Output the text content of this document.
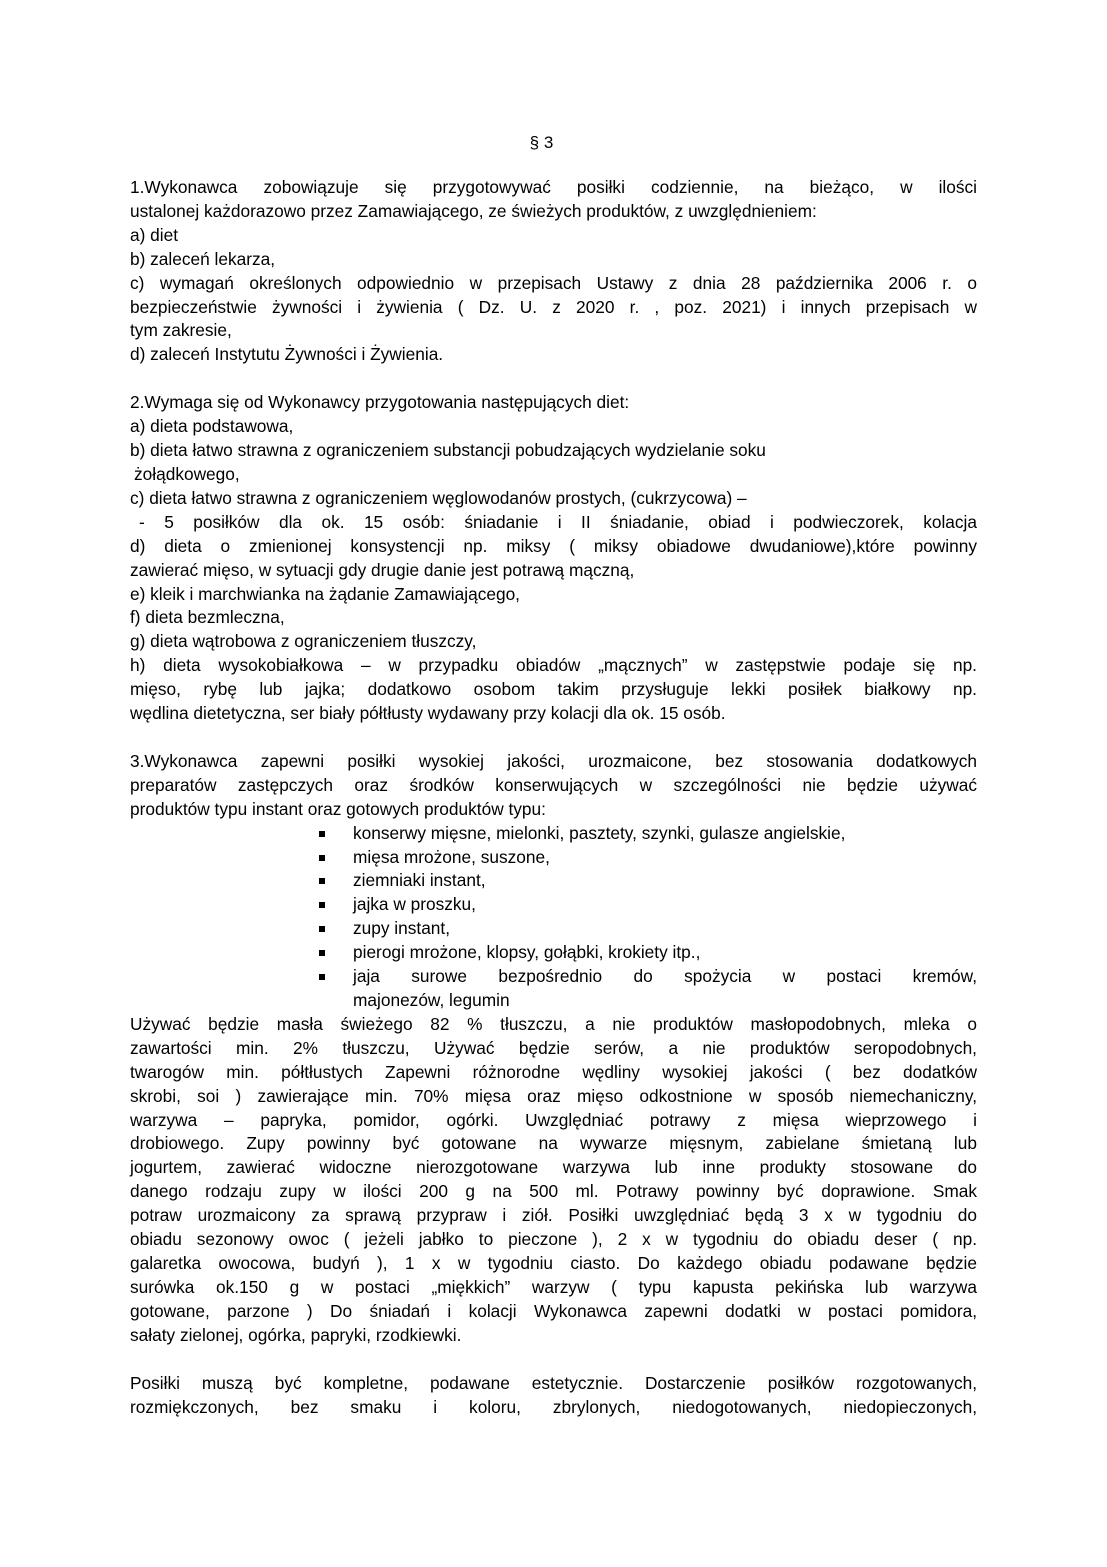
§ 3
1.Wykonawca zobowiązuje się przygotowywać posiłki codziennie, na bieżąco, w ilości
ustalonej każdorazowo przez Zamawiającego, ze świeżych produktów, z uwzględnieniem:
a) diet
b) zaleceń lekarza,
c) wymagań określonych odpowiednio w przepisach Ustawy z dnia 28 października 2006 r. o
bezpieczeństwie żywności i żywienia ( Dz. U. z 2020 r. , poz. 2021) i innych przepisach w
tym zakresie,
d) zaleceń Instytutu Żywności i Żywienia.
2.Wymaga się od Wykonawcy przygotowania następujących diet:
a) dieta podstawowa,
b) dieta łatwo strawna z ograniczeniem substancji pobudzających wydzielanie soku
żołądkowego,
c) dieta łatwo strawna z ograniczeniem węglowodanów prostych, (cukrzycowa) –
- 5 posiłków dla ok. 15 osób: śniadanie i II śniadanie, obiad i podwieczorek, kolacja
d) dieta o zmienionej konsystencji np. miksy ( miksy obiadowe dwudaniowe),które powinny
zawierać mięso, w sytuacji gdy drugie danie jest potrawą mączną,
e) kleik i marchwianka na żądanie Zamawiającego,
f) dieta bezmleczna,
g) dieta wątrobowa z ograniczeniem tłuszczy,
h) dieta wysokobiałkowa – w przypadku obiadów „mącznych” w zastępstwie podaje się np.
mięso, rybę lub jajka; dodatkowo osobom takim przysługuje lekki posiłek białkowy np.
wędlina dietetyczna, ser biały półtłusty wydawany przy kolacji dla ok. 15 osób.
3.Wykonawca zapewni posiłki wysokiej jakości, urozmaicone, bez stosowania dodatkowych
preparatów zastępczych oraz środków konserwujących w szczególności nie będzie używać
produktów typu instant oraz gotowych produktów typu:
konserwy mięsne, mielonki, pasztety, szynki, gulasze angielskie,
mięsa mrożone, suszone,
ziemniaki instant,
jajka w proszku,
zupy instant,
pierogi mrożone, klopsy, gołąbki, krokiety itp.,
jaja surowe bezpośrednio do spożycia w postaci kremów,
majonezów, legumin
Używać będzie masła świeżego 82 % tłuszczu, a nie produktów masłopodobnych, mleka o
zawartości min. 2% tłuszczu, Używać będzie serów, a nie produktów seropodobnych,
twarogów min. półtłustych Zapewni różnorodne wędliny wysokiej jakości ( bez dodatków
skrobi, soi ) zawierające min. 70% mięsa oraz mięso odkostnione w sposób niemechaniczny,
warzywa – papryka, pomidor, ogórki. Uwzględniać potrawy z mięsa wieprzowego i
drobiowego. Zupy powinny być gotowane na wywarze mięsnym, zabielane śmietaną lub
jogurtem, zawierać widoczne nierozgotowane warzywa lub inne produkty stosowane do
danego rodzaju zupy w ilości 200 g na 500 ml. Potrawy powinny być doprawione. Smak
potraw urozmaicony za sprawą przypraw i ziół. Posiłki uwzględniać będą 3 x w tygodniu do
obiadu sezonowy owoc ( jeżeli jabłko to pieczone ), 2 x w tygodniu do obiadu deser ( np.
galaretka owocowa, budyń ), 1 x w tygodniu ciasto. Do każdego obiadu podawane będzie
surówka ok.150 g w postaci „miękkich” warzyw ( typu kapusta pekińska lub warzywa
gotowane, parzone ) Do śniadań i kolacji Wykonawca zapewni dodatki w postaci pomidora,
sałaty zielonej, ogórka, papryki, rzodkiewki.
Posiłki muszą być kompletne, podawane estetycznie. Dostarczenie posiłków rozgotowanych,
rozmiękczonych, bez smaku i koloru, zbrylonych, niedogotowanych, niedopieczonych,
